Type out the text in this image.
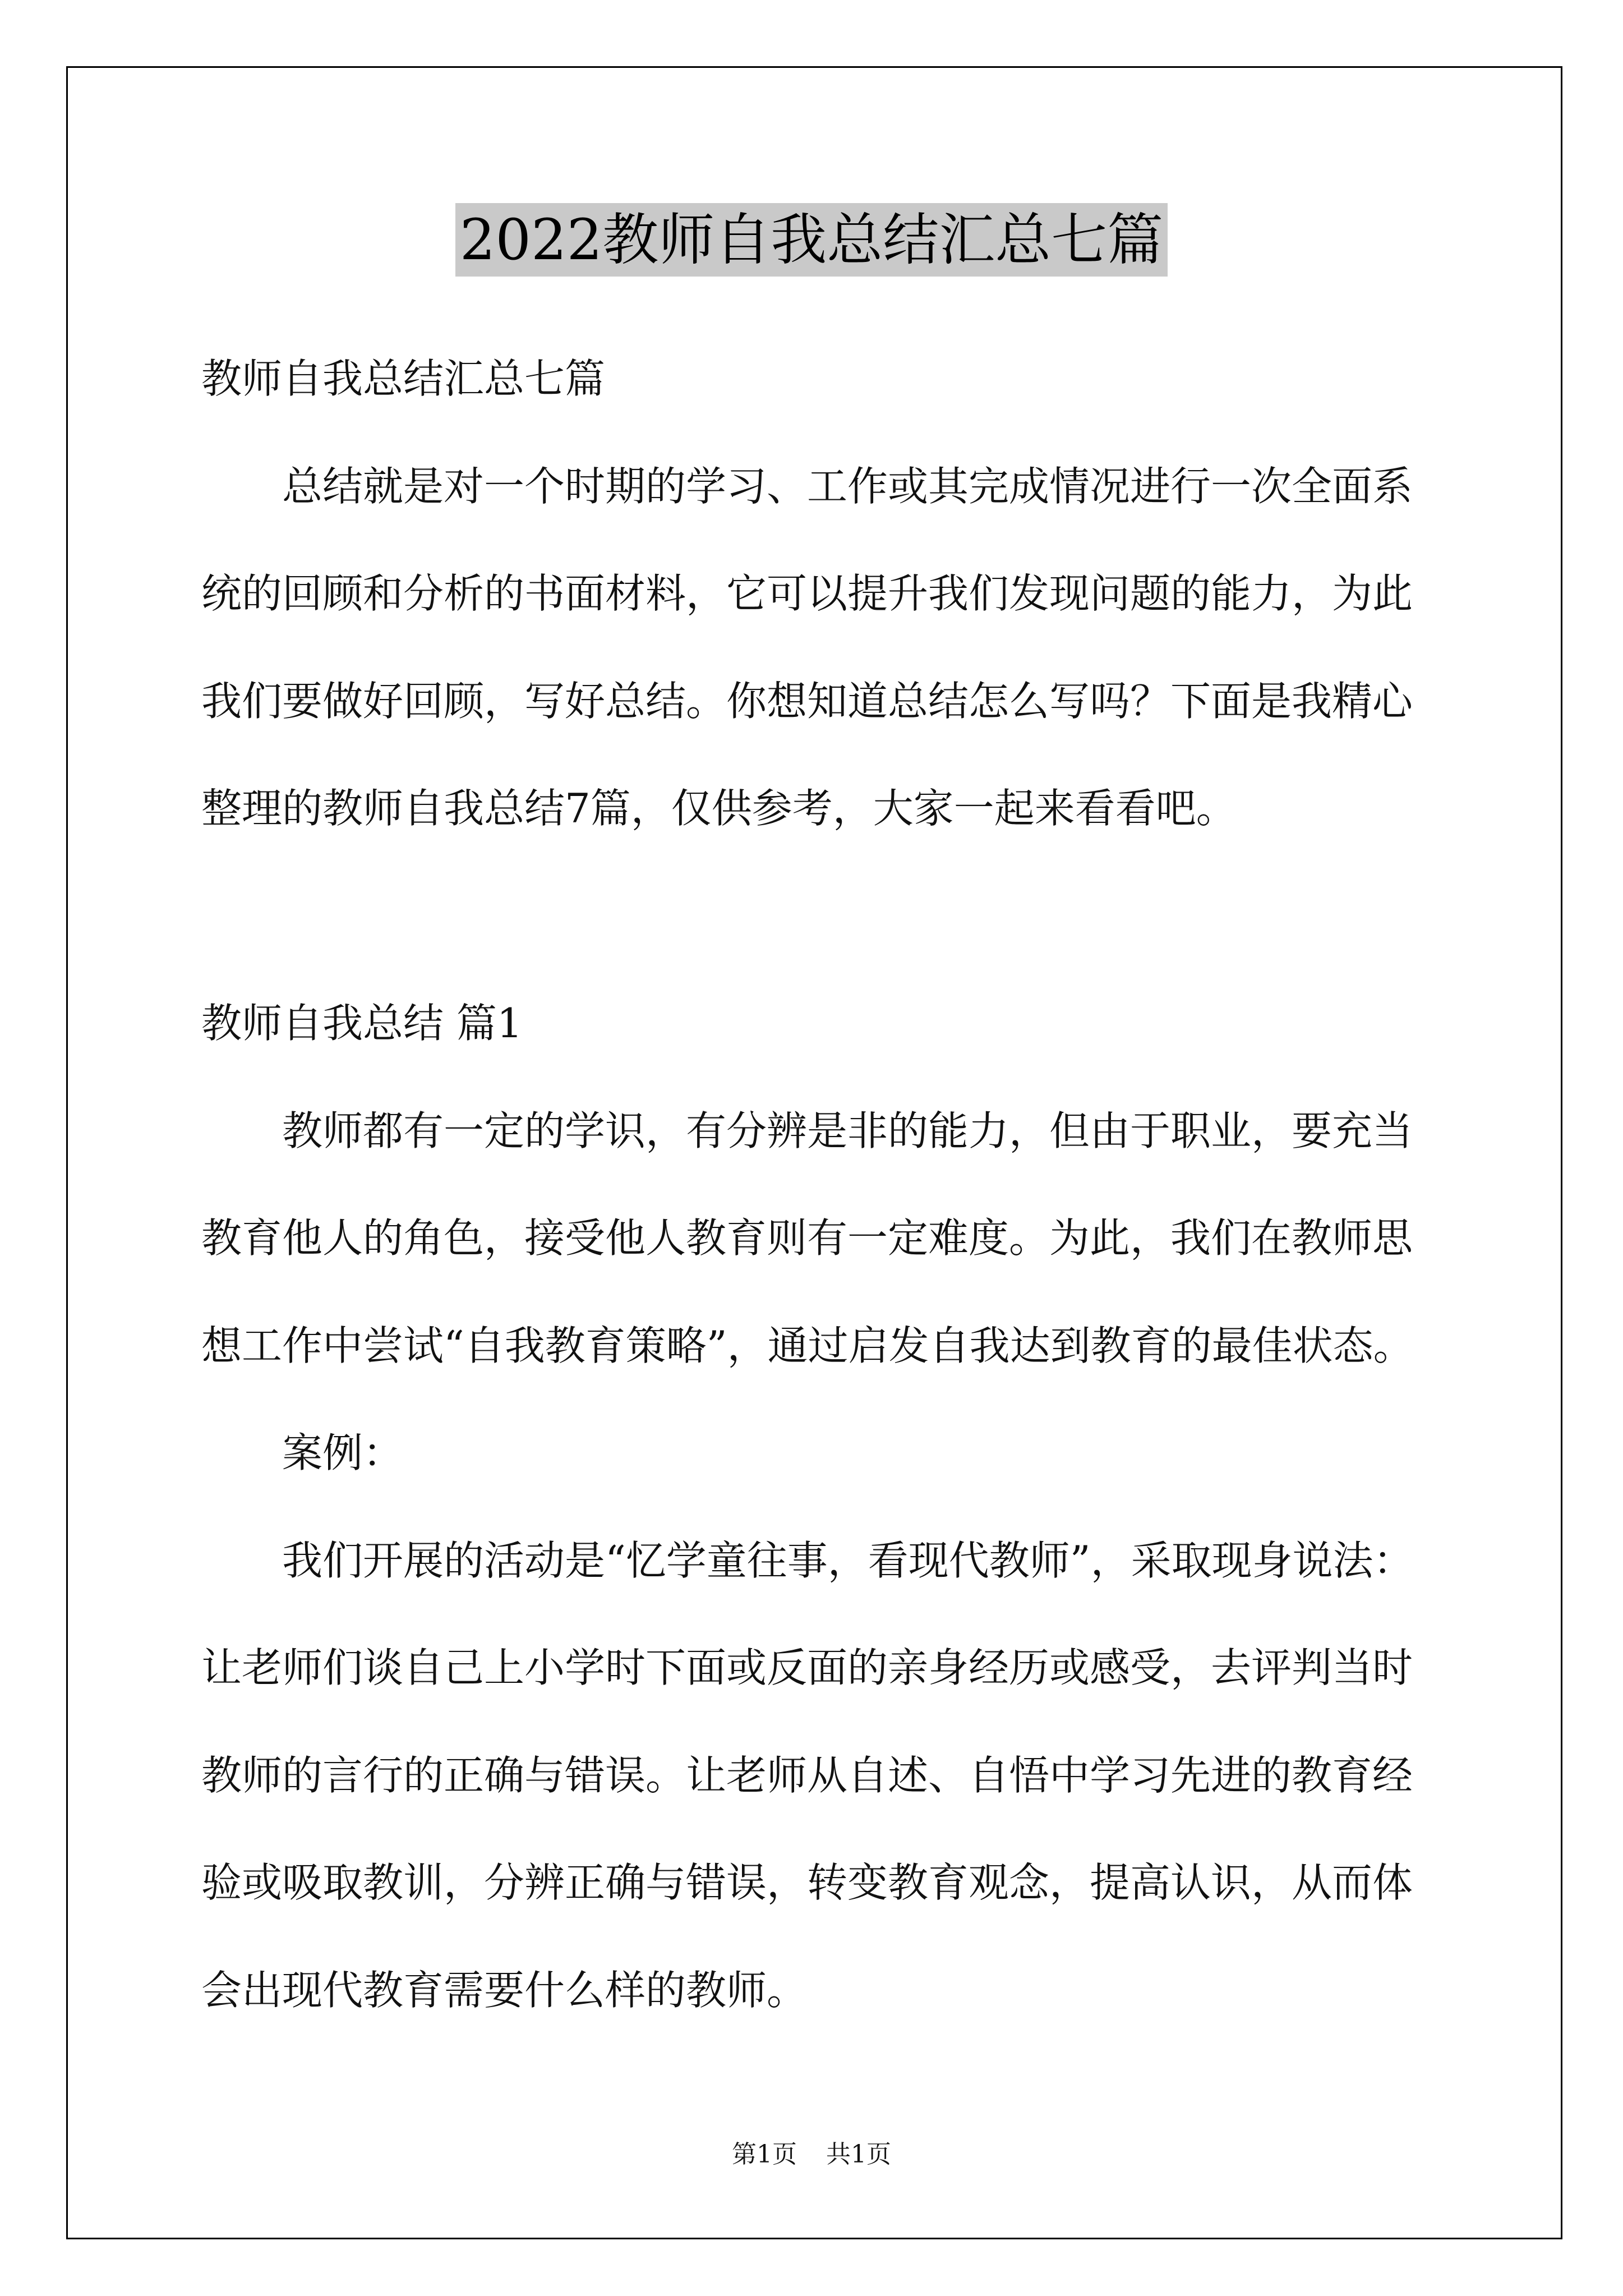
2022教师自我总结汇总七篇
教师自我总结汇总七篇
总结就是对一个时期的学习、工作或其完成情况进行一次全面系
统的回顾和分析的书面材料，它可以提升我们发现问题的能力，为此
我们要做好回顾，写好总结。你想知道总结怎么写吗？下面是我精心
整理的教师自我总结7篇，仅供参考，大家一起来看看吧。
教师自我总结 篇1
教师都有一定的学识，有分辨是非的能力，但由于职业，要充当
教育他人的角色，接受他人教育则有一定难度。为此，我们在教师思
想工作中尝试“自我教育策略”，通过启发自我达到教育的最佳状态。
案例：
我们开展的活动是“忆学童往事，看现代教师”，采取现身说法：
让老师们谈自己上小学时下面或反面的亲身经历或感受，去评判当时
教师的言行的正确与错误。让老师从自述、自悟中学习先进的教育经
验或吸取教训，分辨正确与错误，转变教育观念，提高认识，从而体
会出现代教育需要什么样的教师。
第1页 共1页
